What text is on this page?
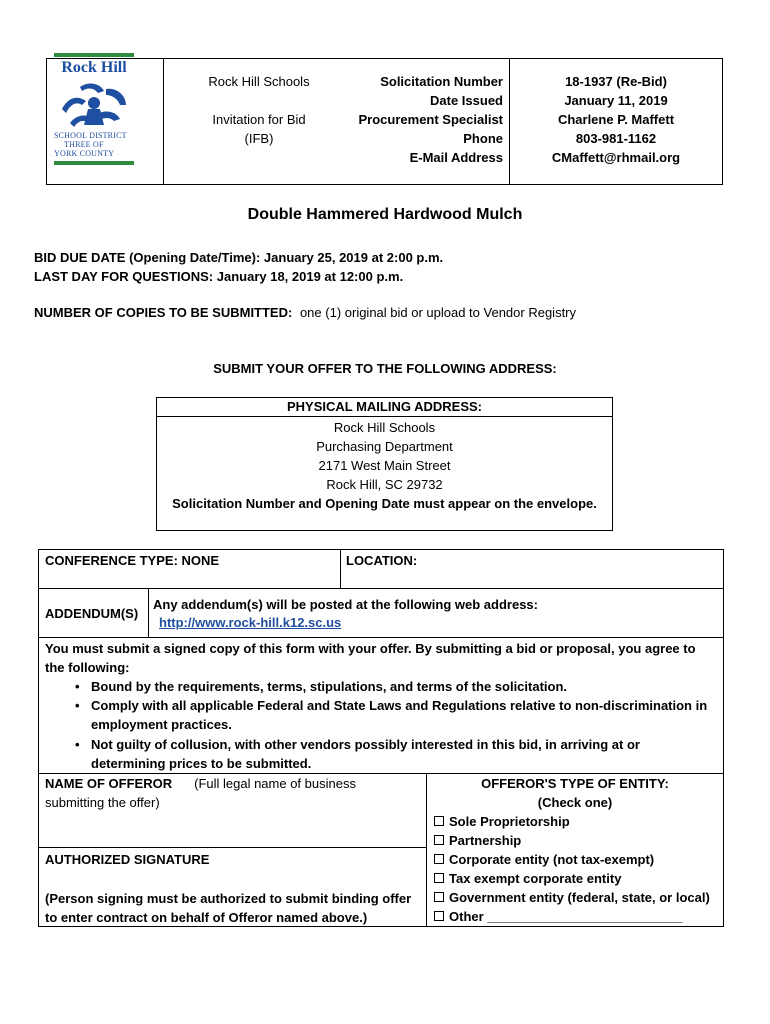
Rock Hill
SCHOOL DISTRICT
THREE OF
YORK COUNTY
Rock Hill Schools
Invitation for Bid
(IFB)
Solicitation Number
Date Issued
Procurement Specialist
Phone
E-Mail Address
18-1937 (Re-Bid)
January 11, 2019
Charlene P. Maffett
803-981-1162
CMaffett@rhmail.org
Double Hammered Hardwood Mulch
BID DUE DATE (Opening Date/Time): January 25, 2019 at 2:00 p.m.
LAST DAY FOR QUESTIONS: January 18, 2019 at 12:00 p.m.
NUMBER OF COPIES TO BE SUBMITTED: one (1) original bid or upload to Vendor Registry
SUBMIT YOUR OFFER TO THE FOLLOWING ADDRESS:
PHYSICAL MAILING ADDRESS:
Rock Hill Schools
Purchasing Department
2171 West Main Street
Rock Hill, SC 29732
Solicitation Number and Opening Date must appear on the envelope.
CONFERENCE TYPE: NONE	LOCATION:
ADDENDUM(S)
Any addendum(s) will be posted at the following web address:
http://www.rock-hill.k12.sc.us
You must submit a signed copy of this form with your offer. By submitting a bid or proposal, you agree to
the following:
• Bound by the requirements, terms, stipulations, and terms of the solicitation.
• Comply with all applicable Federal and State Laws and Regulations relative to non-discrimination in
employment practices.
• Not guilty of collusion, with other vendors possibly interested in this bid, in arriving at or
determining prices to be submitted.
NAME OF OFFEROR (Full legal name of business
submitting the offer)
AUTHORIZED SIGNATURE
(Person signing must be authorized to submit binding offer
to enter contract on behalf of Offeror named above.)
OFFEROR'S TYPE OF ENTITY:
(Check one)
Sole Proprietorship
Partnership
Corporate entity (not tax-exempt)
Tax exempt corporate entity
Government entity (federal, state, or local)
Other ___________________________
